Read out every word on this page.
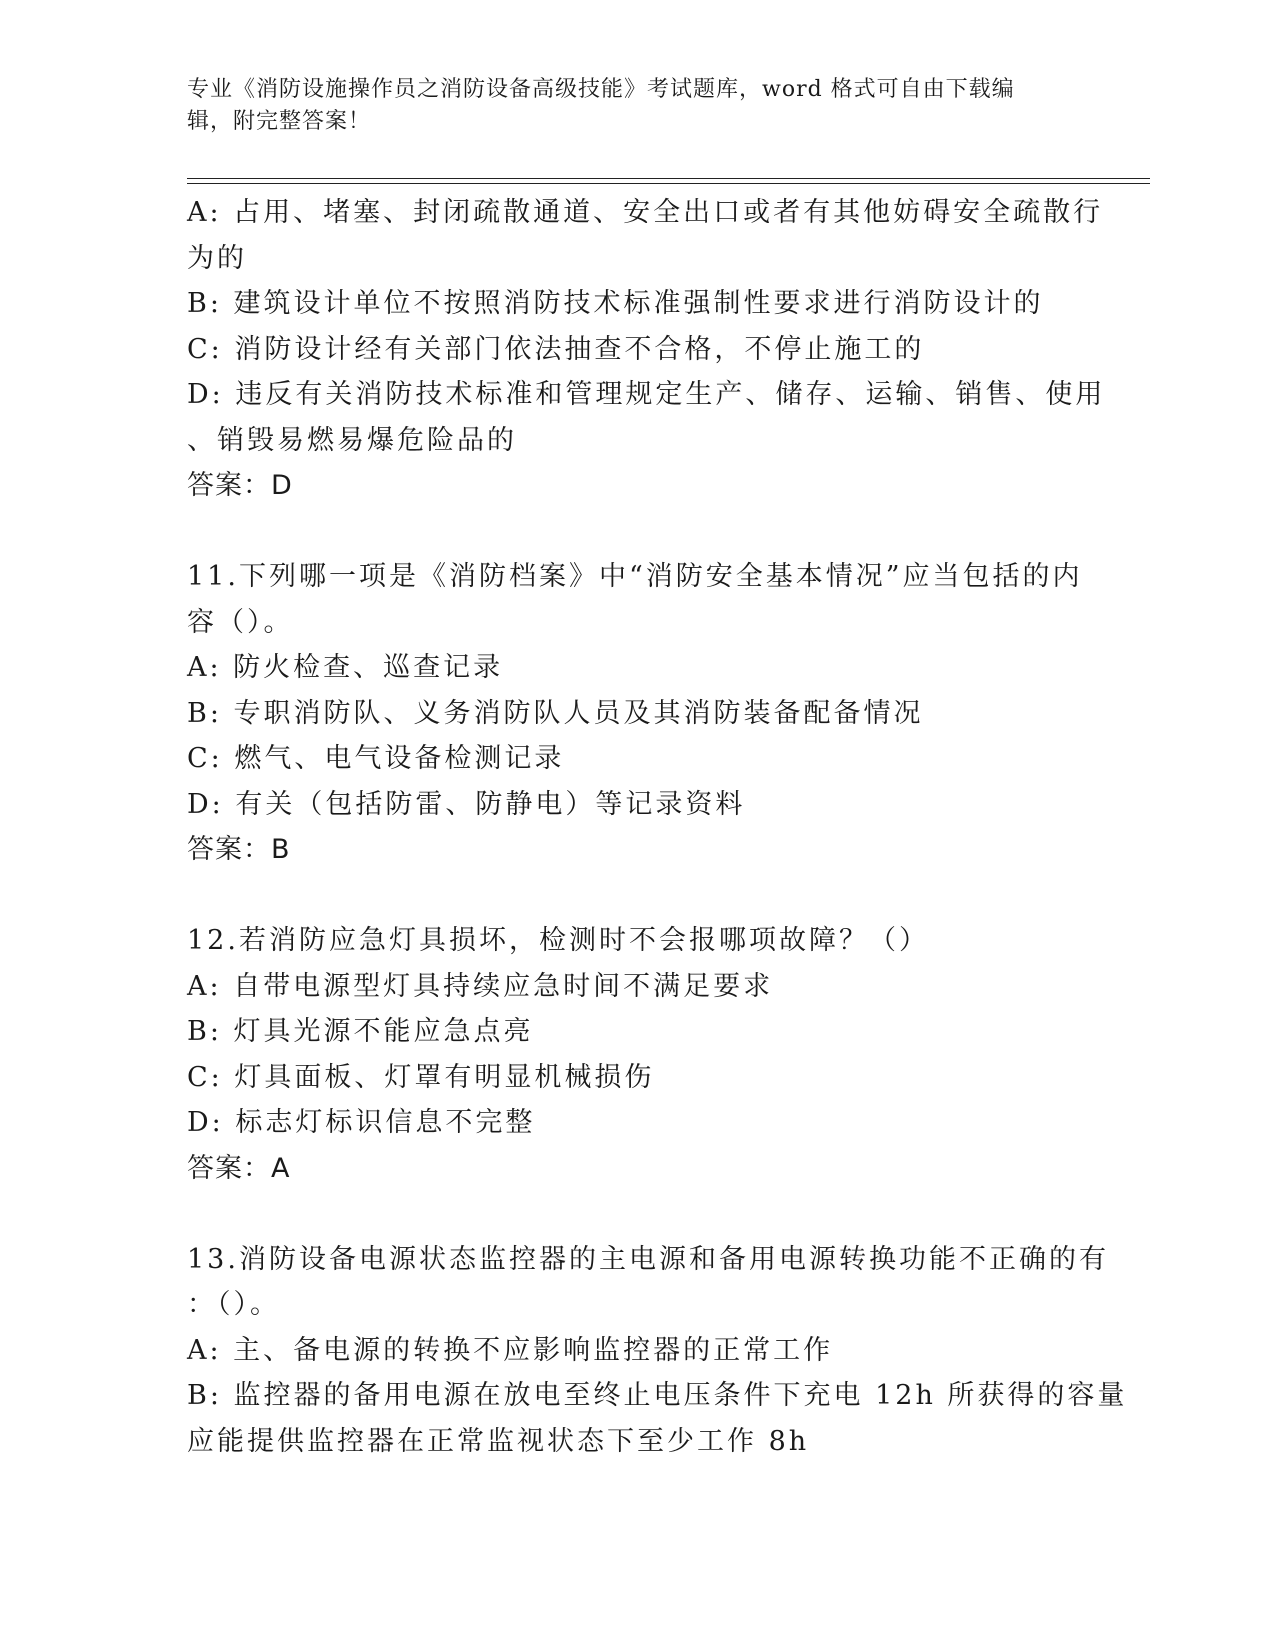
专业《消防设施操作员之消防设备高级技能》考试题库，word 格式可自由下载编
辑，附完整答案！
A: 占用、堵塞、封闭疏散通道、安全出口或者有其他妨碍安全疏散行
为的
B: 建筑设计单位不按照消防技术标准强制性要求进行消防设计的
C: 消防设计经有关部门依法抽查不合格，不停止施工的
D: 违反有关消防技术标准和管理规定生产、储存、运输、销售、使用
、销毁易燃易爆危险品的
答案：D
11.下列哪一项是《消防档案》中“消防安全基本情况”应当包括的内
容（）。
A: 防火检查、巡查记录
B: 专职消防队、义务消防队人员及其消防装备配备情况
C: 燃气、电气设备检测记录
D: 有关（包括防雷、防静电）等记录资料
答案：B
12.若消防应急灯具损坏，检测时不会报哪项故障？（）
A: 自带电源型灯具持续应急时间不满足要求
B: 灯具光源不能应急点亮
C: 灯具面板、灯罩有明显机械损伤
D: 标志灯标识信息不完整
答案：A
13.消防设备电源状态监控器的主电源和备用电源转换功能不正确的有
：（）。
A: 主、备电源的转换不应影响监控器的正常工作
B: 监控器的备用电源在放电至终止电压条件下充电 12h 所获得的容量
应能提供监控器在正常监视状态下至少工作 8h
